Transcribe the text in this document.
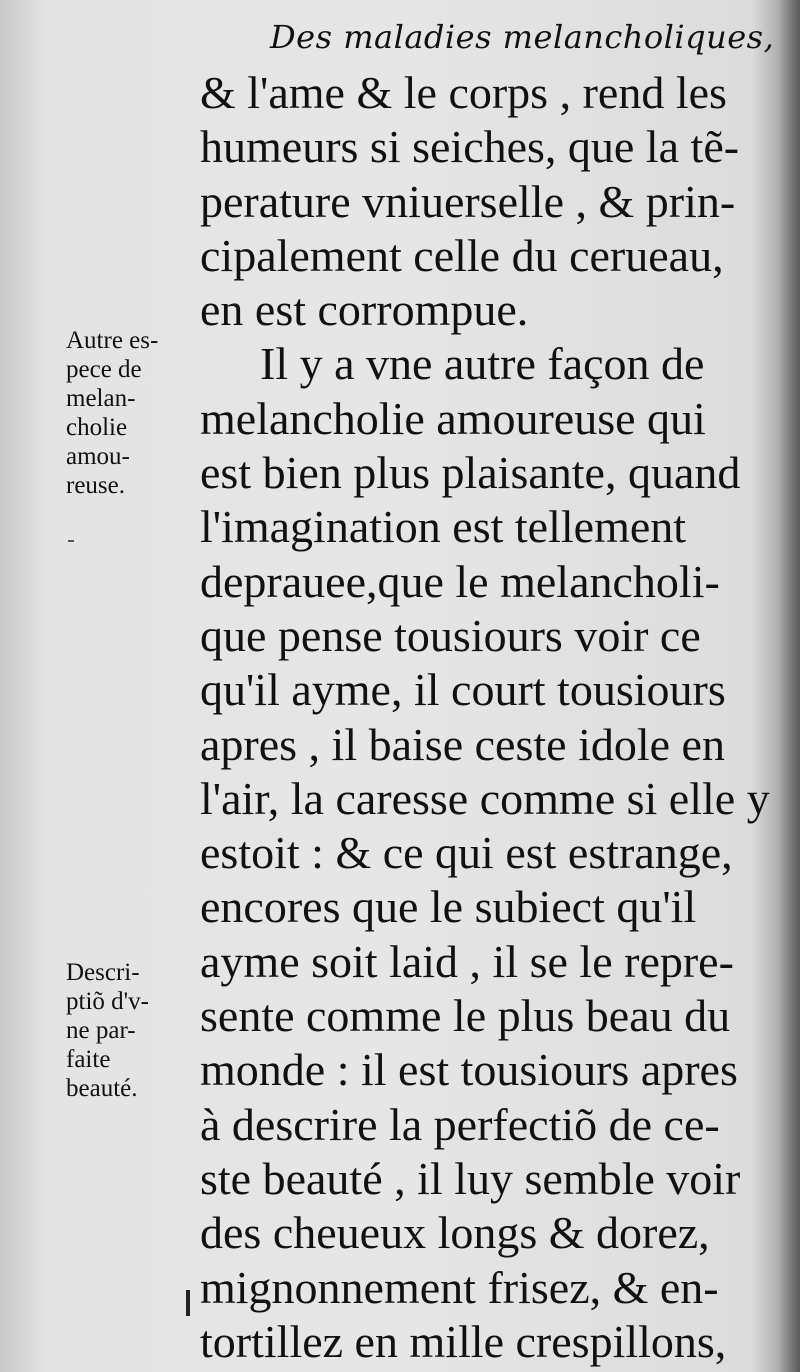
Des maladies melancholiques,
& l'ame & le corps , rend les
humeurs si seiches, que la tẽ-
perature vniuerselle , & prin-
cipalement celle du cerueau,
en est corrompue.
Il y a vne autre façon de
melancholie amoureuse qui
est bien plus plaisante, quand
l'imagination est tellement
deprauee,que le melancholi-
que pense tousiours voir ce
qu'il ayme, il court tousiours
apres , il baise ceste idole en
l'air, la caresse comme si elle y
estoit : & ce qui est estrange,
encores que le subiect qu'il
ayme soit laid , il se le repre-
sente comme le plus beau du
monde : il est tousiours apres
à descrire la perfectiõ de ce-
ste beauté , il luy semble voir
des cheueux longs & dorez,
mignonnement frisez, & en-
tortillez en mille crespillons,
Autre es-
pece de
melan-
cholie
amou-
reuse.
Descri-
ptiõ d'v-
ne par-
faite
beauté.
